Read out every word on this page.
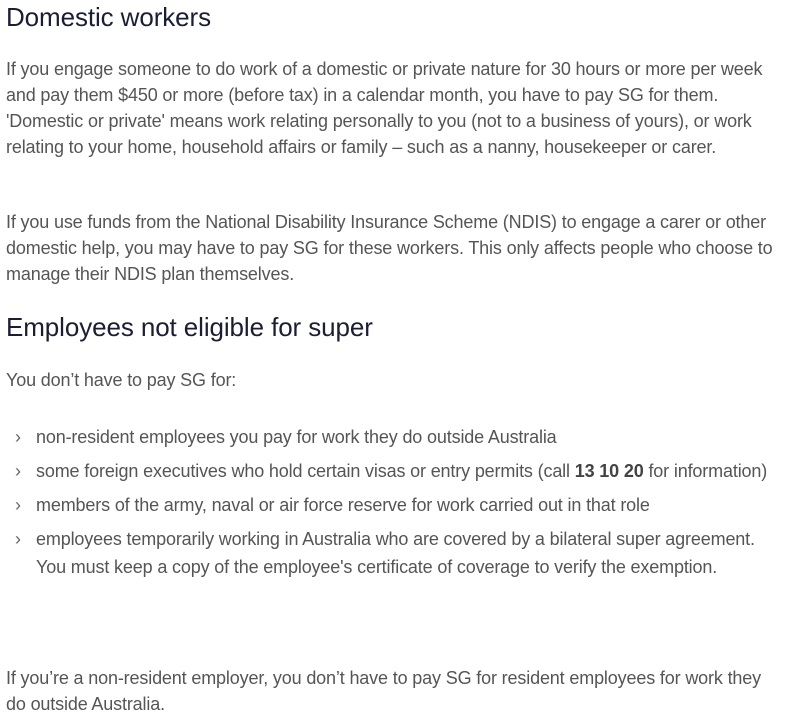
Domestic workers

If you engage someone to do work of a domestic or private nature for 30 hours or more per week and pay them $450 or more (before tax) in a calendar month, you have to pay SG for them. 'Domestic or private' means work relating personally to you (not to a business of yours), or work relating to your home, household affairs or family – such as a nanny, housekeeper or carer.

If you use funds from the National Disability Insurance Scheme (NDIS) to engage a carer or other domestic help, you may have to pay SG for these workers. This only affects people who choose to manage their NDIS plan themselves.

Employees not eligible for super

You don’t have to pay SG for:

› non-resident employees you pay for work they do outside Australia
› some foreign executives who hold certain visas or entry permits (call 13 10 20 for information)
› members of the army, naval or air force reserve for work carried out in that role
› employees temporarily working in Australia who are covered by a bilateral super agreement. You must keep a copy of the employee's certificate of coverage to verify the exemption.

If you’re a non-resident employer, you don’t have to pay SG for resident employees for work they do outside Australia.
